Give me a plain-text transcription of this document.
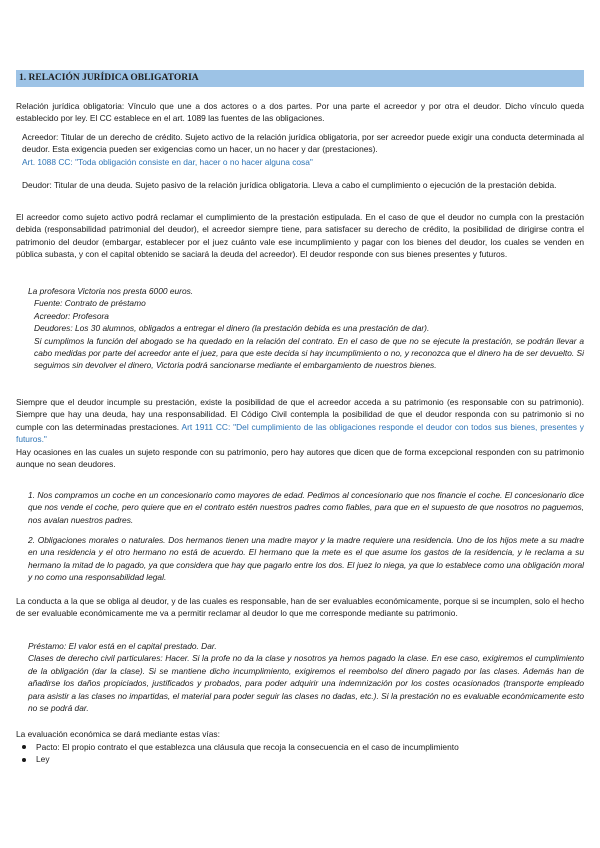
1. RELACIÓN JURÍDICA OBLIGATORIA

Relación jurídica obligatoria: Vínculo que une a dos actores o a dos partes. Por una parte el acreedor y por otra el deudor. Dicho vínculo queda establecido por ley. El CC establece en el art. 1089 las fuentes de las obligaciones.

Acreedor: Titular de un derecho de crédito. Sujeto activo de la relación jurídica obligatoria, por ser acreedor puede exigir una conducta determinada al deudor. Esta exigencia pueden ser exigencias como un hacer, un no hacer y dar (prestaciones).

Art. 1088 CC: "Toda obligación consiste en dar, hacer o no hacer alguna cosa"

Deudor: Titular de una deuda. Sujeto pasivo de la relación jurídica obligatoria. Lleva a cabo el cumplimiento o ejecución de la prestación debida.

El acreedor como sujeto activo podrá reclamar el cumplimiento de la prestación estipulada. En el caso de que el deudor no cumpla con la prestación debida (responsabilidad patrimonial del deudor), el acreedor siempre tiene, para satisfacer su derecho de crédito, la posibilidad de dirigirse contra el patrimonio del deudor (embargar, establecer por el juez cuánto vale ese incumplimiento y pagar con los bienes del deudor, los cuales se venden en pública subasta, y con el capital obtenido se saciará la deuda del acreedor). El deudor responde con sus bienes presentes y futuros.

La profesora Victoria nos presta 6000 euros.

Fuente: Contrato de préstamo

Acreedor: Profesora

Deudores: Los 30 alumnos, obligados a entregar el dinero (la prestación debida es una prestación de dar).

Si cumplimos la función del abogado se ha quedado en la relación del contrato. En el caso de que no se ejecute la prestación, se podrán llevar a cabo medidas por parte del acreedor ante el juez, para que este decida si hay incumplimiento o no, y reconozca que el dinero ha de ser devuelto. Si seguimos sin devolver el dinero, Victoria podrá sancionarse mediante el embargamiento de nuestros bienes.

Siempre que el deudor incumple su prestación, existe la posibilidad de que el acreedor acceda a su patrimonio (es responsable con su patrimonio). Siempre que hay una deuda, hay una responsabilidad. El Código Civil contempla la posibilidad de que el deudor responda con su patrimonio si no cumple con las determinadas prestaciones. Art 1911 CC: "Del cumplimiento de las obligaciones responde el deudor con todos sus bienes, presentes y futuros."

Hay ocasiones en las cuales un sujeto responde con su patrimonio, pero hay autores que dicen que de forma excepcional responden con su patrimonio aunque no sean deudores.

1. Nos compramos un coche en un concesionario como mayores de edad. Pedimos al concesionario que nos financie el coche. El concesionario dice que nos vende el coche, pero quiere que en el contrato estén nuestros padres como fiables, para que en el supuesto de que nosotros no paguemos, nos avalan nuestros padres.

2. Obligaciones morales o naturales. Dos hermanos tienen una madre mayor y la madre requiere una residencia. Uno de los hijos mete a su madre en una residencia y el otro hermano no está de acuerdo. El hermano que la mete es el que asume los gastos de la residencia, y le reclama a su hermano la mitad de lo pagado, ya que considera que hay que pagarlo entre los dos. El juez lo niega, ya que lo establece como una obligación moral y no como una responsabilidad legal.

La conducta a la que se obliga al deudor, y de las cuales es responsable, han de ser evaluables económicamente, porque si se incumplen, solo el hecho de ser evaluable económicamente me va a permitir reclamar al deudor lo que me corresponde mediante su patrimonio.

Préstamo: El valor está en el capital prestado. Dar.

Clases de derecho civil particulares: Hacer. Si la profe no da la clase y nosotros ya hemos pagado la clase. En ese caso, exigiremos el cumplimiento de la obligación (dar la clase). Si se mantiene dicho incumplimiento, exigiremos el reembolso del dinero pagado por las clases. Además han de añadirse los daños propiciados, justificados y probados, para poder adquirir una indemnización por los costes ocasionados (transporte empleado para asistir a las clases no impartidas, el material para poder seguir las clases no dadas, etc.). Si la prestación no es evaluable económicamente esto no se podrá dar.

La evaluación económica se dará mediante estas vías:

Pacto: El propio contrato el que establezca una cláusula que recoja la consecuencia en el caso de incumplimiento
Ley
